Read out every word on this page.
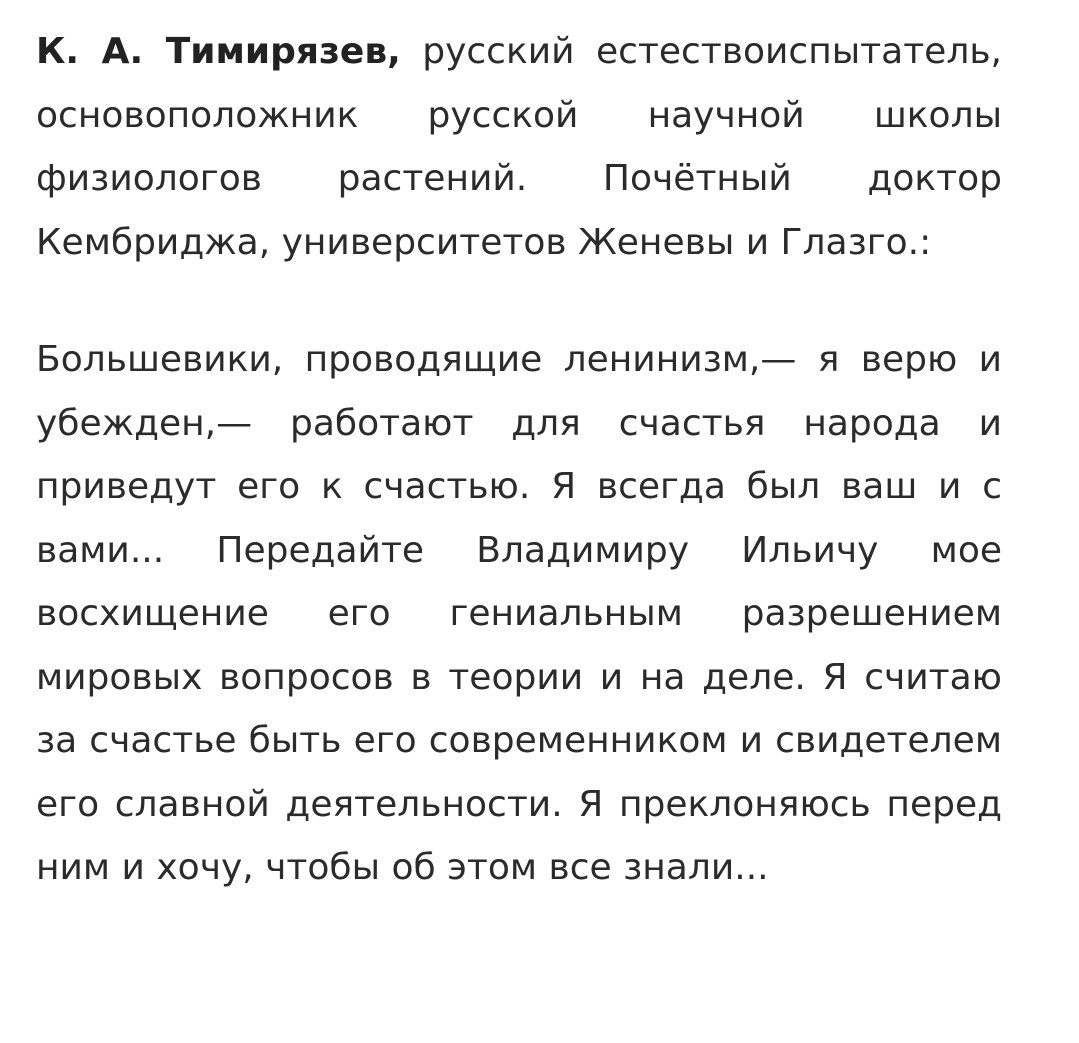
К. А. Тимирязев, русский естествоиспытатель, основоположник русской научной школы физиологов растений. Почётный доктор Кембриджа, университетов Женевы и Глазго.:

Большевики, проводящие ленинизм,— я верю и убежден,— работают для счастья народа и приведут его к счастью. Я всегда был ваш и с вами... Передайте Владимиру Ильичу мое восхищение его гениальным разрешением мировых вопросов в теории и на деле. Я считаю за счастье быть его современником и свидетелем его славной деятельности. Я преклоняюсь перед ним и хочу, чтобы об этом все знали...
